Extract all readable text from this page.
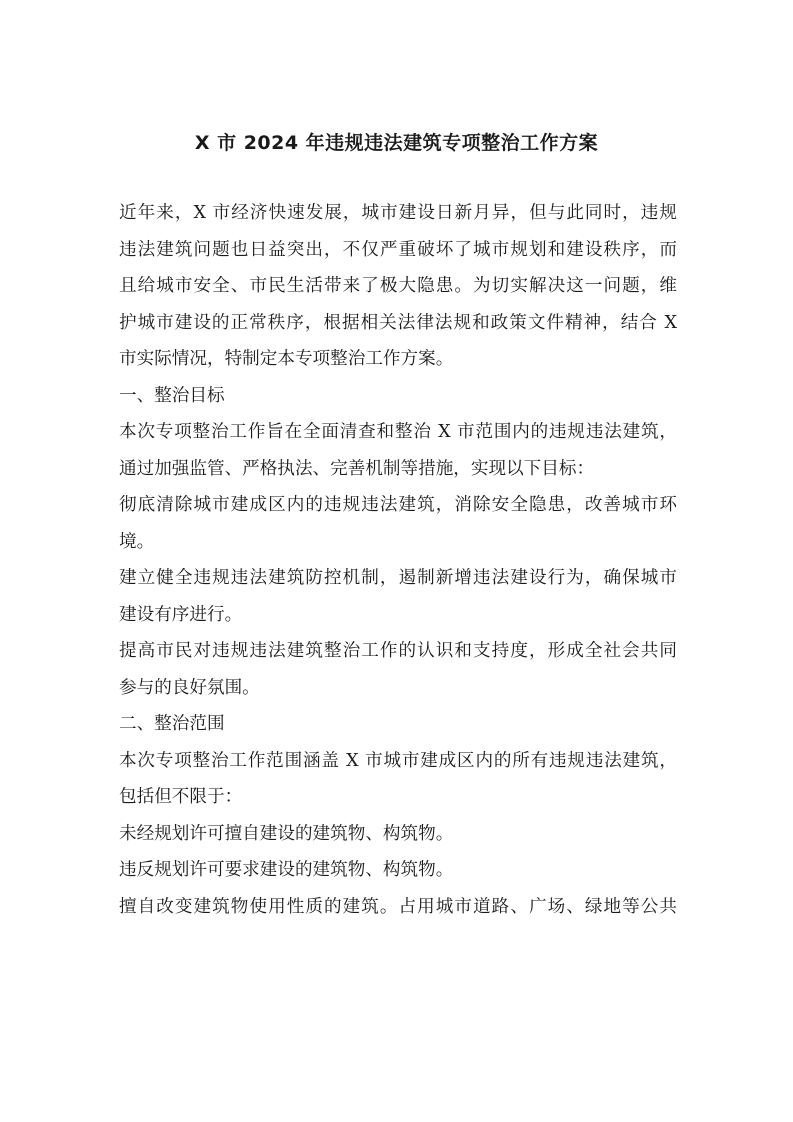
X 市 2024 年违规违法建筑专项整治工作方案
近年来，X 市经济快速发展，城市建设日新月异，但与此同时，违规
违法建筑问题也日益突出，不仅严重破坏了城市规划和建设秩序，而
且给城市安全、市民生活带来了极大隐患。为切实解决这一问题，维
护城市建设的正常秩序，根据相关法律法规和政策文件精神，结合 X
市实际情况，特制定本专项整治工作方案。
一、整治目标
本次专项整治工作旨在全面清查和整治 X 市范围内的违规违法建筑，
通过加强监管、严格执法、完善机制等措施，实现以下目标：
彻底清除城市建成区内的违规违法建筑，消除安全隐患，改善城市环
境。
建立健全违规违法建筑防控机制，遏制新增违法建设行为，确保城市
建设有序进行。
提高市民对违规违法建筑整治工作的认识和支持度，形成全社会共同
参与的良好氛围。
二、整治范围
本次专项整治工作范围涵盖 X 市城市建成区内的所有违规违法建筑，
包括但不限于：
未经规划许可擅自建设的建筑物、构筑物。
违反规划许可要求建设的建筑物、构筑物。
擅自改变建筑物使用性质的建筑。占用城市道路、广场、绿地等公共
